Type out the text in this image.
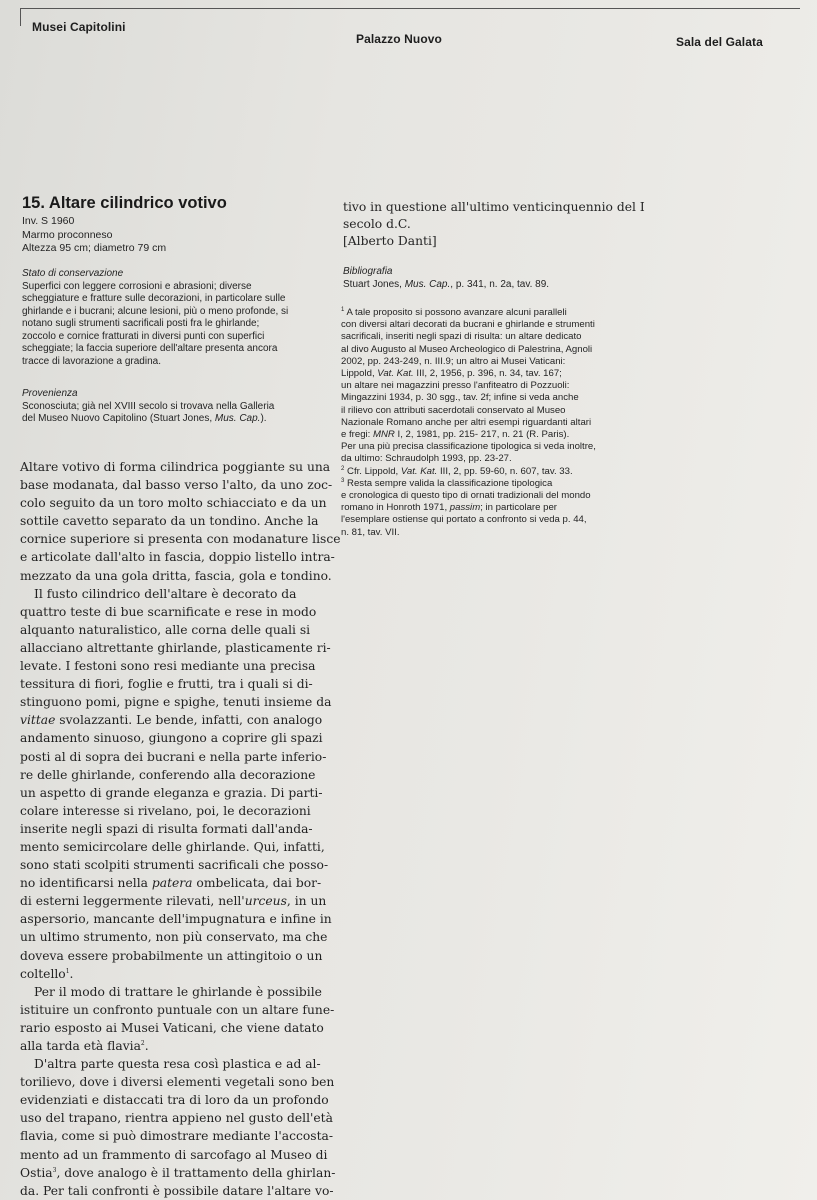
Musei Capitolini
Palazzo Nuovo	Sala del Galata
15. Altare cilindrico votivo
Inv. S 1960
Marmo proconneso
Altezza 95 cm; diametro 79 cm
Stato di conservazione
Superfici con leggere corrosioni e abrasioni; diverse
scheggiature e fratture sulle decorazioni, in particolare sulle
ghirlande e i bucrani; alcune lesioni, più o meno profonde, si
notano sugli strumenti sacrificali posti fra le ghirlande;
zoccolo e cornice fratturati in diversi punti con superfici
scheggiate; la faccia superiore dell'altare presenta ancora
tracce di lavorazione a gradina.
Provenienza
Sconosciuta; già nel XVIII secolo si trovava nella Galleria
del Museo Nuovo Capitolino (Stuart Jones, Mus. Cap.).
Altare votivo di forma cilindrica poggiante su una
base modanata, dal basso verso l'alto, da uno zoc-
colo seguito da un toro molto schiacciato e da un
sottile cavetto separato da un tondino. Anche la
cornice superiore si presenta con modanature lisce
e articolate dall'alto in fascia, doppio listello intra-
mezzato da una gola dritta, fascia, gola e tondino.
Il fusto cilindrico dell'altare è decorato da
quattro teste di bue scarnificate e rese in modo
alquanto naturalistico, alle corna delle quali si
allacciano altrettante ghirlande, plasticamente ri-
levate. I festoni sono resi mediante una precisa
tessitura di fiori, foglie e frutti, tra i quali si di-
stinguono pomi, pigne e spighe, tenuti insieme da
vittae svolazzanti. Le bende, infatti, con analogo
andamento sinuoso, giungono a coprire gli spazi
posti al di sopra dei bucrani e nella parte inferio-
re delle ghirlande, conferendo alla decorazione
un aspetto di grande eleganza e grazia. Di parti-
colare interesse si rivelano, poi, le decorazioni
inserite negli spazi di risulta formati dall'anda-
mento semicircolare delle ghirlande. Qui, infatti,
sono stati scolpiti strumenti sacrificali che posso-
no identificarsi nella patera ombelicata, dai bor-
di esterni leggermente rilevati, nell'urceus, in un
aspersorio, mancante dell'impugnatura e infine in
un ultimo strumento, non più conservato, ma che
doveva essere probabilmente un attingitoio o un
coltello$^1$.
Per il modo di trattare le ghirlande è possibile
istituire un confronto puntuale con un altare fune-
rario esposto ai Musei Vaticani, che viene datato
alla tarda età flavia$^2$.
D'altra parte questa resa così plastica e ad al-
torilievo, dove i diversi elementi vegetali sono ben
evidenziati e distaccati tra di loro da un profondo
uso del trapano, rientra appieno nel gusto dell'età
flavia, come si può dimostrare mediante l'accosta-
mento ad un frammento di sarcofago al Museo di
Ostia$^3$, dove analogo è il trattamento della ghirlan-
da. Per tali confronti è possibile datare l'altare vo-
tivo in questione all'ultimo venticinquennio del I
secolo d.C.
[Alberto Danti]
Bibliografia
Stuart Jones, Mus. Cap., p. 341, n. 2a, tav. 89.
$^1$ A tale proposito si possono avanzare alcuni paralleli
con diversi altari decorati da bucrani e ghirlande e strumenti
sacrificali, inseriti negli spazi di risulta: un altare dedicato
al divo Augusto al Museo Archeologico di Palestrina, Agnoli
2002, pp. 243-249, n. III.9; un altro ai Musei Vaticani:
Lippold, Vat. Kat. III, 2, 1956, p. 396, n. 34, tav. 167;
un altare nei magazzini presso l'anfiteatro di Pozzuoli:
Mingazzini 1934, p. 30 sgg., tav. 2f; infine si veda anche
il rilievo con attributi sacerdotali conservato al Museo
Nazionale Romano anche per altri esempi riguardanti altari
e fregi: MNR I, 2, 1981, pp. 215- 217, n. 21 (R. Paris).
Per una più precisa classificazione tipologica si veda inoltre,
da ultimo: Schraudolph 1993, pp. 23-27.
$^2$ Cfr. Lippold, Vat. Kat. III, 2, pp. 59-60, n. 607, tav. 33.
$^3$ Resta sempre valida la classificazione tipologica
e cronologica di questo tipo di ornati tradizionali del mondo
romano in Honroth 1971, passim; in particolare per
l'esemplare ostiense qui portato a confronto si veda p. 44,
n. 81, tav. VII.
